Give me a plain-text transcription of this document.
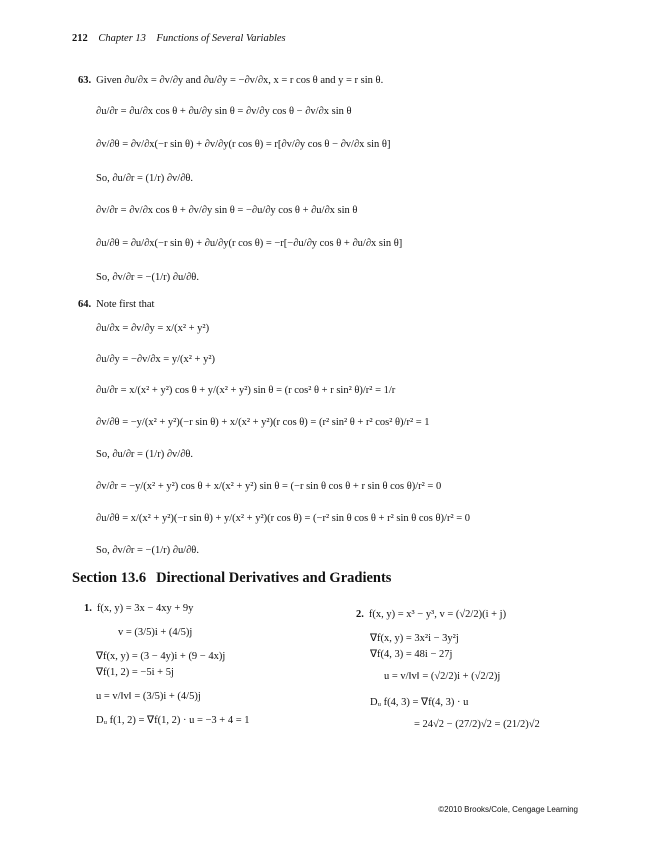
212 Chapter 13 Functions of Several Variables
63. Given ∂u/∂x = ∂v/∂y and ∂u/∂y = −∂v/∂x, x = r cos θ and y = r sin θ.
∂u/∂r = ∂u/∂x cos θ + ∂u/∂y sin θ = ∂v/∂y cos θ − ∂v/∂x sin θ
∂v/∂θ = ∂v/∂x(−r sin θ) + ∂v/∂y(r cos θ) = r[∂v/∂y cos θ − ∂v/∂x sin θ]
So, ∂u/∂r = (1/r) ∂v/∂θ.
∂v/∂r = ∂v/∂x cos θ + ∂v/∂y sin θ = −∂u/∂y cos θ + ∂u/∂x sin θ
∂u/∂θ = ∂u/∂x(−r sin θ) + ∂u/∂y(r cos θ) = −r[−∂u/∂y cos θ + ∂u/∂x sin θ]
So, ∂v/∂r = −(1/r) ∂u/∂θ.
64. Note first that
∂u/∂x = ∂v/∂y = x/(x² + y²)
∂u/∂y = −∂v/∂x = y/(x² + y²)
∂u/∂r = x/(x² + y²) cos θ + y/(x² + y²) sin θ = (r cos² θ + r sin² θ)/r² = 1/r
∂v/∂θ = −y/(x² + y²)(−r sin θ) + x/(x² + y²)(r cos θ) = (r² sin² θ + r² cos² θ)/r² = 1
So, ∂u/∂r = (1/r) ∂v/∂θ.
∂v/∂r = −y/(x² + y²) cos θ + x/(x² + y²) sin θ = (−r sin θ cos θ + r sin θ cos θ)/r² = 0
∂u/∂θ = x/(x² + y²)(−r sin θ) + y/(x² + y²)(r cos θ) = (−r² sin θ cos θ + r² sin θ cos θ)/r² = 0
So, ∂v/∂r = −(1/r) ∂u/∂θ.
Section 13.6 Directional Derivatives and Gradients
1. f(x, y) = 3x − 4xy + 9y
v = (3/5)i + (4/5)j
∇f(x, y) = (3 − 4y)i + (9 − 4x)j
∇f(1, 2) = −5i + 5j
u = v/‖v‖ = (3/5)i + (4/5)j
Dᵤ f(1, 2) = ∇f(1, 2) · u = −3 + 4 = 1
2. f(x, y) = x³ − y³, v = (√2/2)(i + j)
∇f(x, y) = 3x²i − 3y²j
∇f(4, 3) = 48i − 27j
u = v/‖v‖ = (√2/2)i + (√2/2)j
Dᵤ f(4, 3) = ∇f(4, 3) · u
= 24√2 − (27/2)√2 = (21/2)√2
©2010 Brooks/Cole, Cengage Learning
